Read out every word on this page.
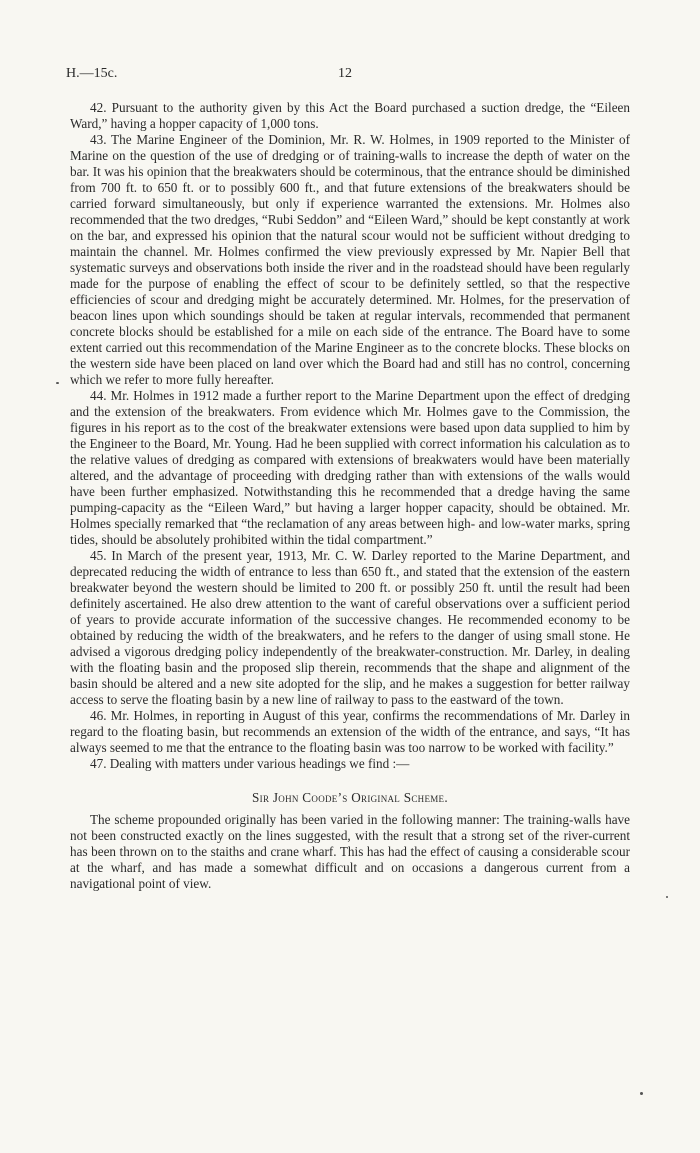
H.—15c.	12

42. Pursuant to the authority given by this Act the Board purchased a suction dredge, the “Eileen Ward,” having a hopper capacity of 1,000 tons.

43. The Marine Engineer of the Dominion, Mr. R. W. Holmes, in 1909 reported to the Minister of Marine on the question of the use of dredging or of training-walls to increase the depth of water on the bar. It was his opinion that the breakwaters should be coterminous, that the entrance should be diminished from 700 ft. to 650 ft. or to possibly 600 ft., and that future extensions of the breakwaters should be carried forward simultaneously, but only if experience warranted the extensions. Mr. Holmes also recommended that the two dredges, “Rubi Seddon” and “Eileen Ward,” should be kept constantly at work on the bar, and expressed his opinion that the natural scour would not be sufficient without dredging to maintain the channel. Mr. Holmes confirmed the view previously expressed by Mr. Napier Bell that systematic surveys and observations both inside the river and in the roadstead should have been regularly made for the purpose of enabling the effect of scour to be definitely settled, so that the respective efficiencies of scour and dredging might be accurately determined. Mr. Holmes, for the preservation of beacon lines upon which soundings should be taken at regular intervals, recommended that permanent concrete blocks should be established for a mile on each side of the entrance. The Board have to some extent carried out this recommendation of the Marine Engineer as to the concrete blocks. These blocks on the western side have been placed on land over which the Board had and still has no control, concerning which we refer to more fully hereafter.

44. Mr. Holmes in 1912 made a further report to the Marine Department upon the effect of dredging and the extension of the breakwaters. From evidence which Mr. Holmes gave to the Commission, the figures in his report as to the cost of the breakwater extensions were based upon data supplied to him by the Engineer to the Board, Mr. Young. Had he been supplied with correct information his calculation as to the relative values of dredging as compared with extensions of breakwaters would have been materially altered, and the advantage of proceeding with dredging rather than with extensions of the walls would have been further emphasized. Notwithstanding this he recommended that a dredge having the same pumping-capacity as the “Eileen Ward,” but having a larger hopper capacity, should be obtained. Mr. Holmes specially remarked that “the reclamation of any areas between high- and low-water marks, spring tides, should be absolutely prohibited within the tidal compartment.”

45. In March of the present year, 1913, Mr. C. W. Darley reported to the Marine Department, and deprecated reducing the width of entrance to less than 650 ft., and stated that the extension of the eastern breakwater beyond the western should be limited to 200 ft. or possibly 250 ft. until the result had been definitely ascertained. He also drew attention to the want of careful observations over a sufficient period of years to provide accurate information of the successive changes. He recommended economy to be obtained by reducing the width of the breakwaters, and he refers to the danger of using small stone. He advised a vigorous dredging policy independently of the breakwater-construction. Mr. Darley, in dealing with the floating basin and the proposed slip therein, recommends that the shape and alignment of the basin should be altered and a new site adopted for the slip, and he makes a suggestion for better railway access to serve the floating basin by a new line of railway to pass to the eastward of the town.

46. Mr. Holmes, in reporting in August of this year, confirms the recommendations of Mr. Darley in regard to the floating basin, but recommends an extension of the width of the entrance, and says, “It has always seemed to me that the entrance to the floating basin was too narrow to be worked with facility.”

47. Dealing with matters under various headings we find :—

Sir John Coode’s Original Scheme.

The scheme propounded originally has been varied in the following manner: The training-walls have not been constructed exactly on the lines suggested, with the result that a strong set of the river-current has been thrown on to the staiths and crane wharf. This has had the effect of causing a considerable scour at the wharf, and has made a somewhat difficult and on occasions a dangerous current from a navigational point of view.
